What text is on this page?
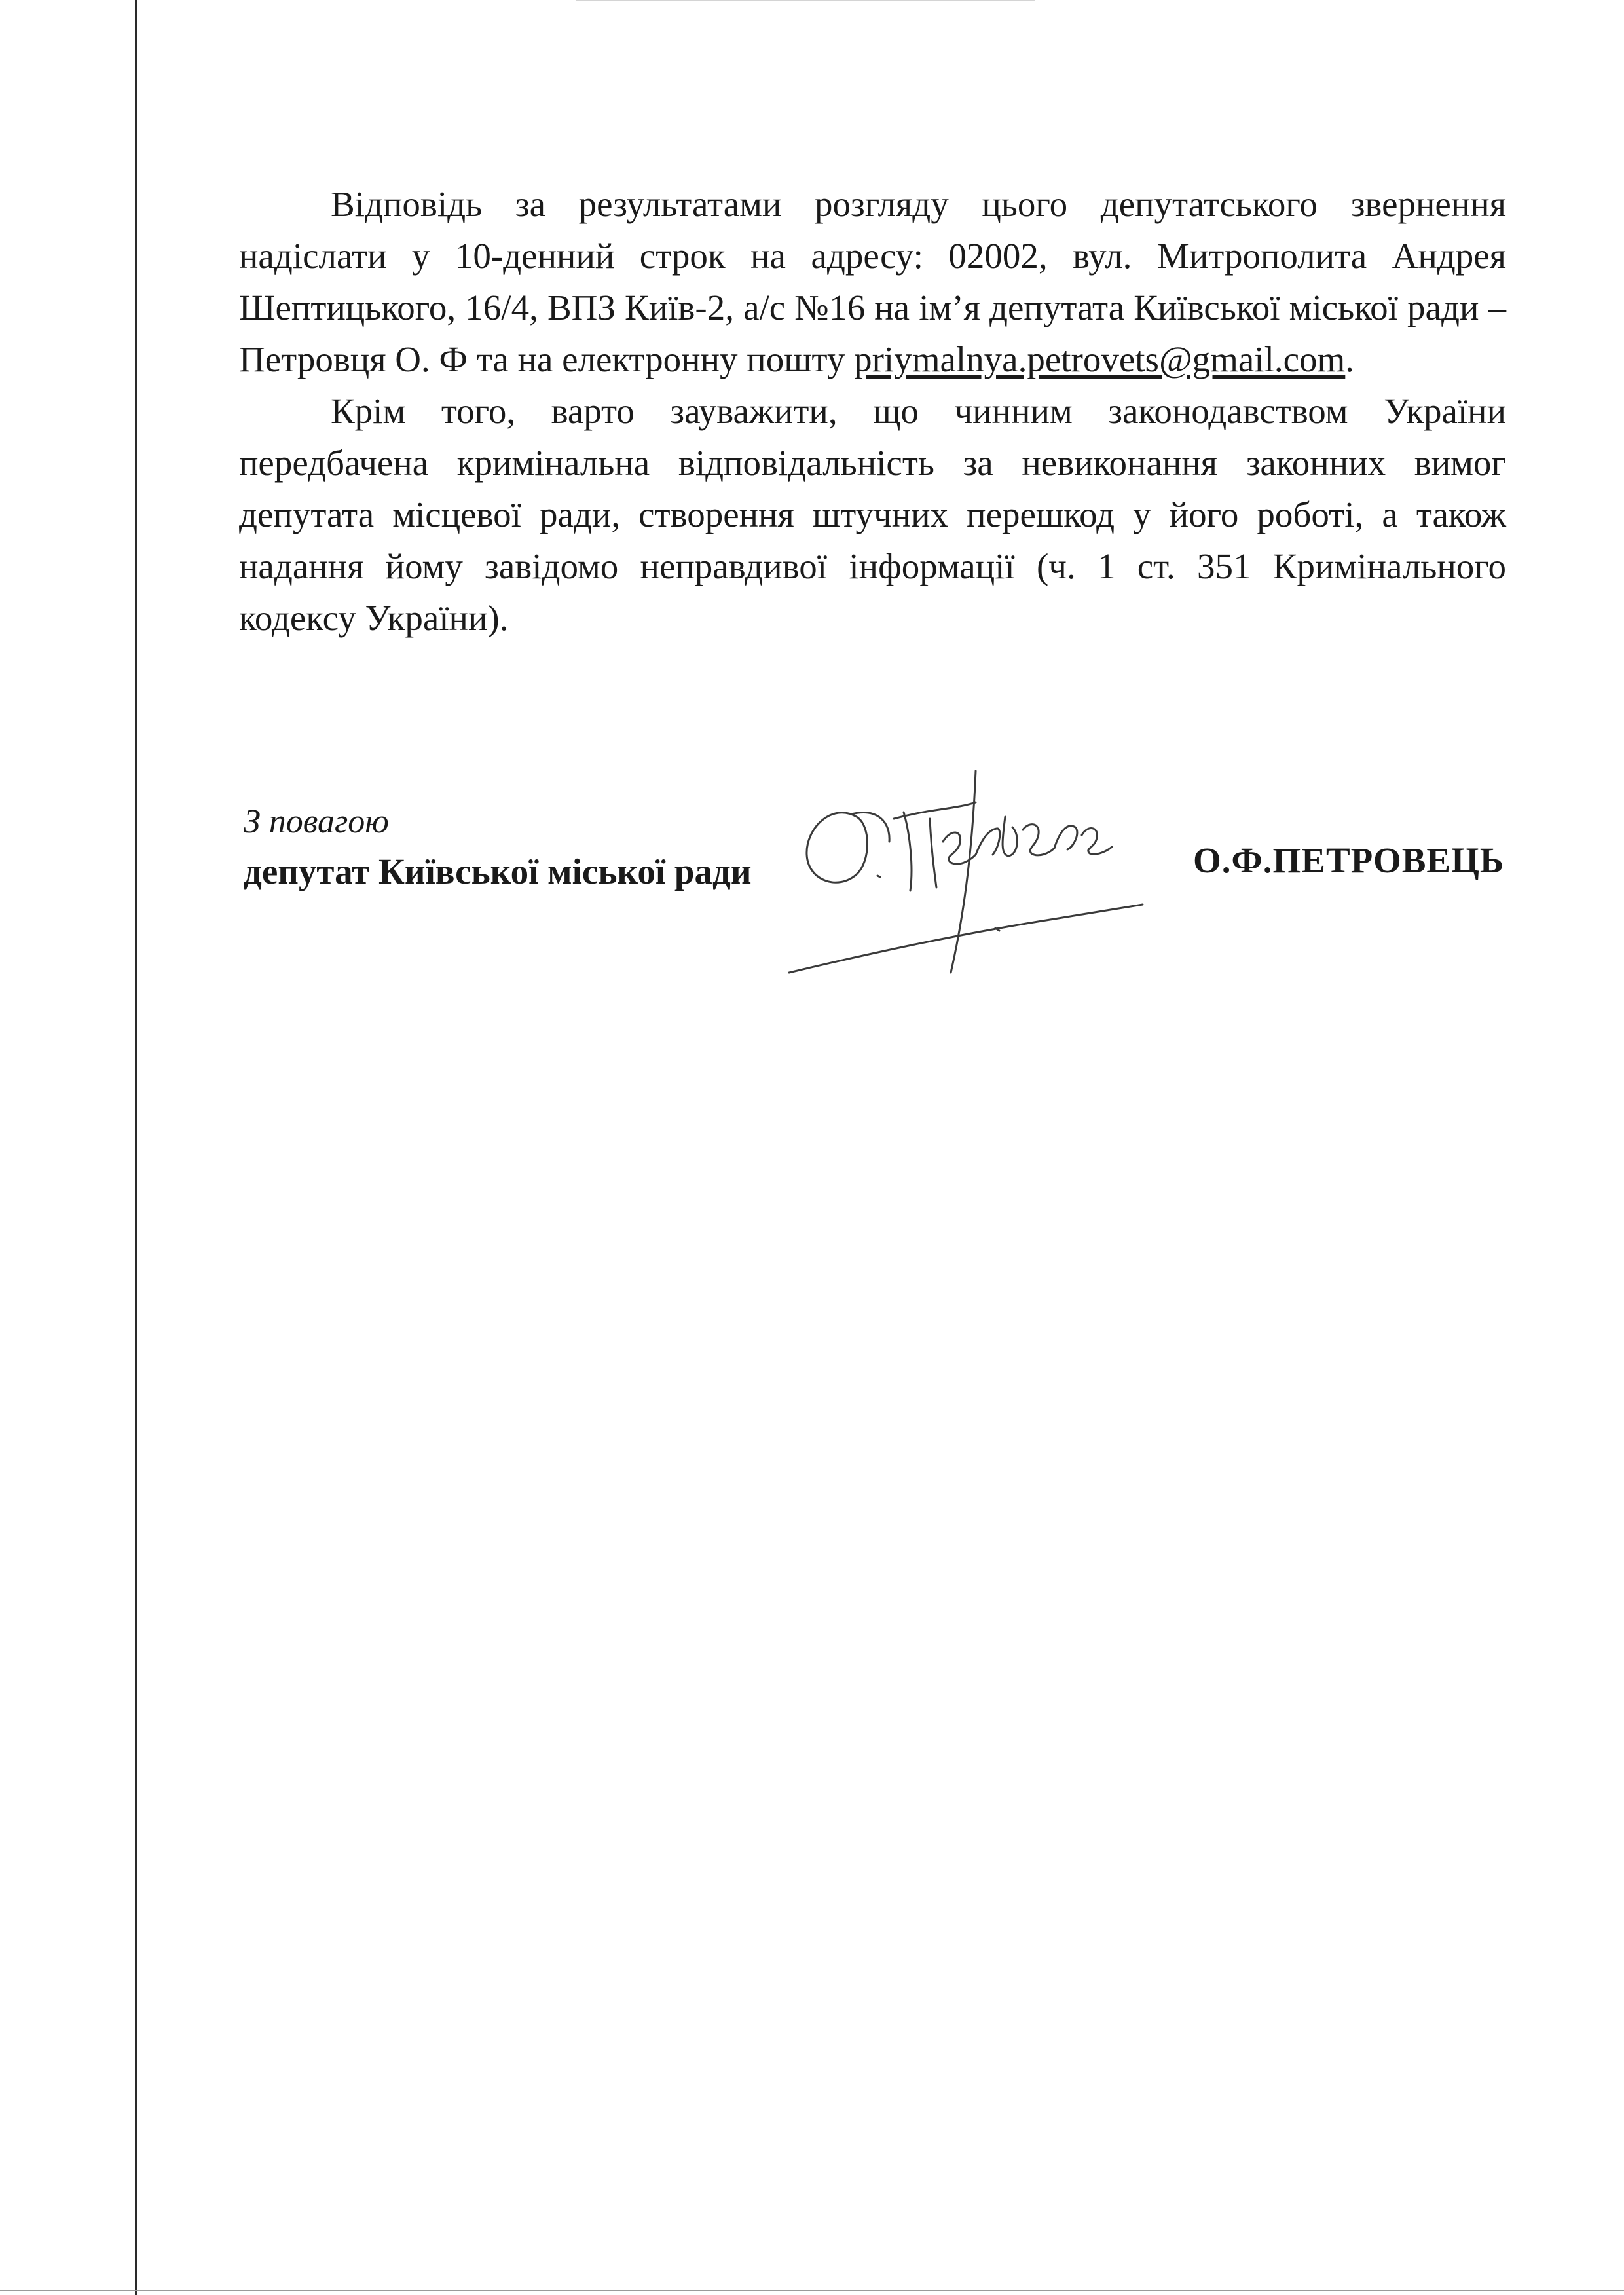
Відповідь за результатами розгляду цього депутатського звернення надіслати у 10-денний строк на адресу: 02002, вул. Митрополита Андрея Шептицького, 16/4, ВПЗ Київ-2, а/с №16 на ім’я депутата Київської міської ради – Петровця О. Ф та на електронну пошту priymalnya.petrovets@gmail.com.

Крім того, варто зауважити, що чинним законодавством України передбачена кримінальна відповідальність за невиконання законних вимог депутата місцевої ради, створення штучних перешкод у його роботі, а також надання йому завідомо неправдивої інформації (ч. 1 ст. 351 Кримінального кодексу України).

З повагою
депутат Київської міської ради	О.Ф.ПЕТРОВЕЦЬ
